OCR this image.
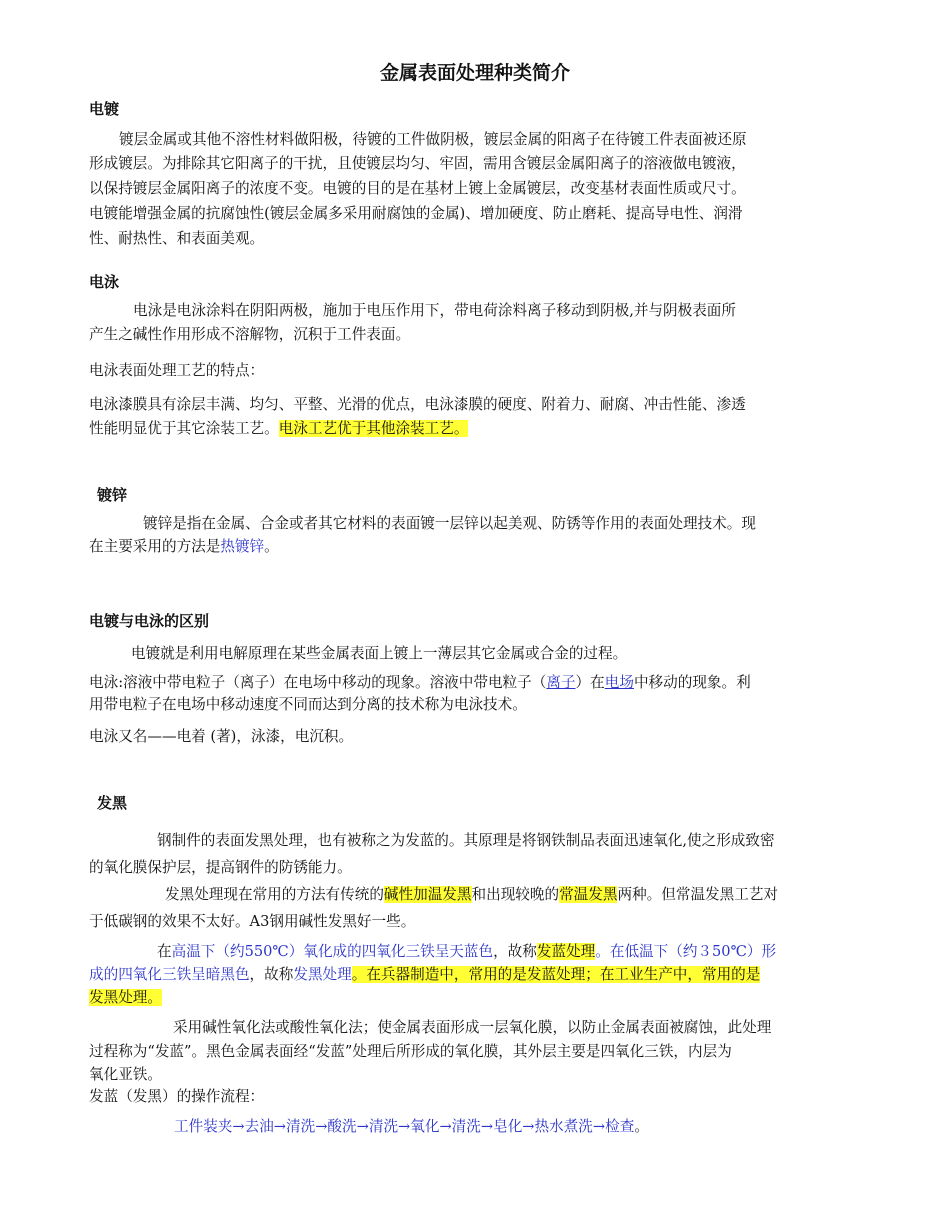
金属表面处理种类简介
电镀
镀层金属或其他不溶性材料做阳极，待镀的工件做阴极，镀层金属的阳离子在待镀工件表面被还原
形成镀层。为排除其它阳离子的干扰，且使镀层均匀、牢固，需用含镀层金属阳离子的溶液做电镀液，
以保持镀层金属阳离子的浓度不变。电镀的目的是在基材上镀上金属镀层，改变基材表面性质或尺寸。
电镀能增强金属的抗腐蚀性(镀层金属多采用耐腐蚀的金属)、增加硬度、防止磨耗、提高导电性、润滑
性、耐热性、和表面美观。
电泳
电泳是电泳涂料在阴阳两极，施加于电压作用下，带电荷涂料离子移动到阴极,并与阴极表面所
产生之碱性作用形成不溶解物，沉积于工件表面。
电泳表面处理工艺的特点：
电泳漆膜具有涂层丰满、均匀、平整、光滑的优点，电泳漆膜的硬度、附着力、耐腐、冲击性能、渗透
性能明显优于其它涂装工艺。电泳工艺优于其他涂装工艺。
镀锌
镀锌是指在金属、合金或者其它材料的表面镀一层锌以起美观、防锈等作用的表面处理技术。现
在主要采用的方法是热镀锌。
电镀与电泳的区别
电镀就是利用电解原理在某些金属表面上镀上一薄层其它金属或合金的过程。
电泳:溶液中带电粒子（离子）在电场中移动的现象。溶液中带电粒子（离子）在电场中移动的现象。利
用带电粒子在电场中移动速度不同而达到分离的技术称为电泳技术。
电泳又名——电着 (著)，泳漆，电沉积。
发黑
钢制件的表面发黑处理，也有被称之为发蓝的。其原理是将钢铁制品表面迅速氧化,使之形成致密
的氧化膜保护层，提高钢件的防锈能力。
发黑处理现在常用的方法有传统的碱性加温发黑和出现较晚的常温发黑两种。但常温发黑工艺对
于低碳钢的效果不太好。A3钢用碱性发黑好一些。
在高温下（约550℃）氧化成的四氧化三铁呈天蓝色，故称发蓝处理。在低温下（约３50℃）形
成的四氧化三铁呈暗黑色，故称发黑处理。在兵器制造中，常用的是发蓝处理；在工业生产中，常用的是
发黑处理。
采用碱性氧化法或酸性氧化法；使金属表面形成一层氧化膜，以防止金属表面被腐蚀，此处理
过程称为“发蓝”。黑色金属表面经“发蓝”处理后所形成的氧化膜，其外层主要是四氧化三铁，内层为
氧化亚铁。
发蓝（发黑）的操作流程：
工件装夹→去油→清洗→酸洗→清洗→氧化→清洗→皂化→热水煮洗→检查。
